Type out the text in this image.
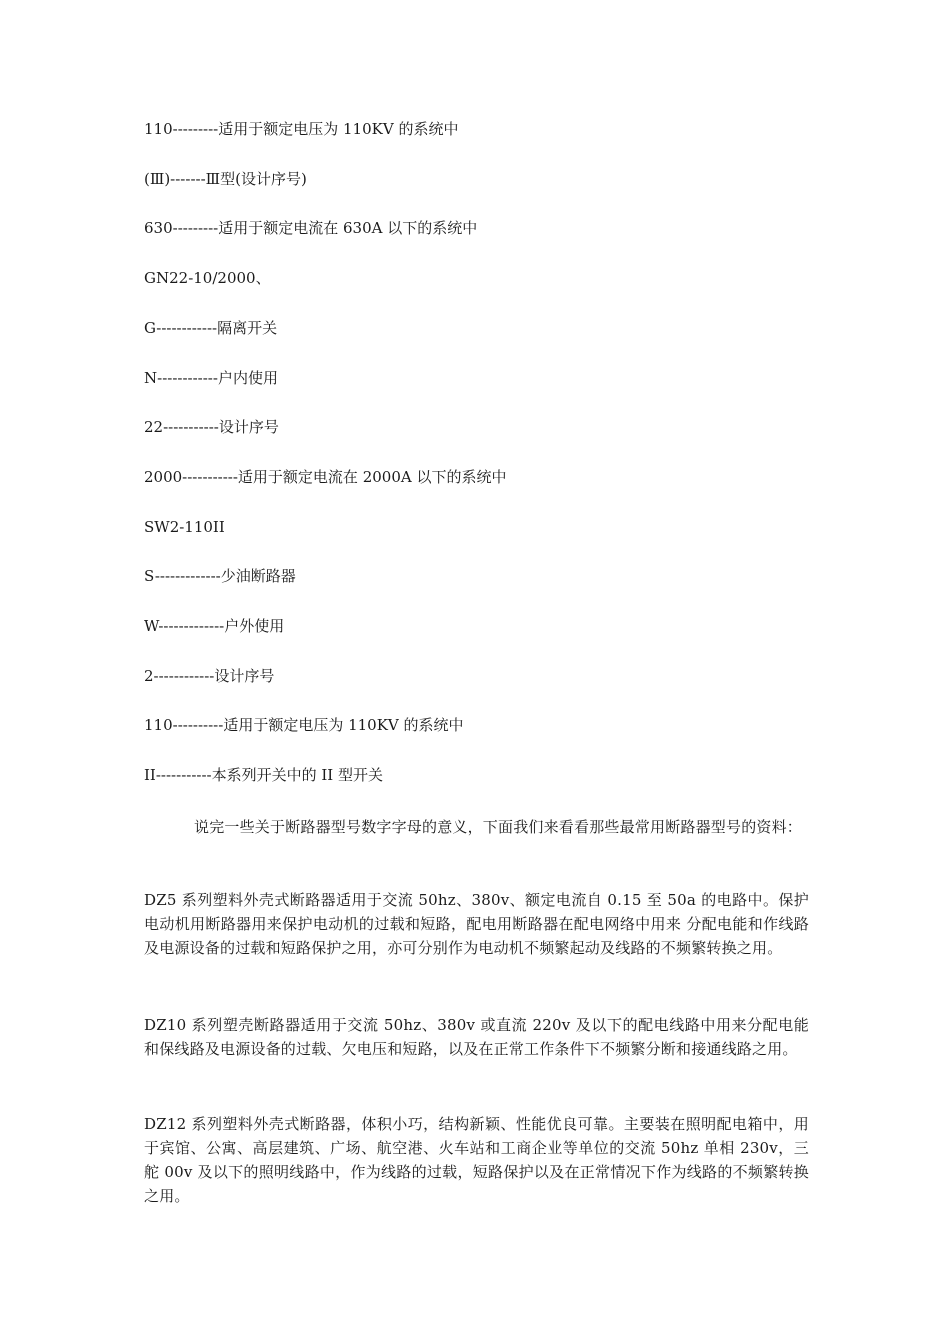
110---------适用于额定电压为 110KV 的系统中
(Ⅲ)-------Ⅲ型(设计序号)
630---------适用于额定电流在 630A 以下的系统中
GN22-10/2000、
G------------隔离开关
N------------户内使用
22-----------设计序号
2000-----------适用于额定电流在 2000A 以下的系统中
SW2-110II
S-------------少油断路器
W-------------户外使用
2------------设计序号
110----------适用于额定电压为 110KV 的系统中
II-----------本系列开关中的 II 型开关
说完一些关于断路器型号数字字母的意义，下面我们来看看那些最常用断路器型号的资料：
DZ5 系列塑料外壳式断路器适用于交流 50hz、380v、额定电流自 0.15 至 50a 的电路中。保护电动机用断路器用来保护电动机的过载和短路，配电用断路器在配电网络中用来 分配电能和作线路及电源设备的过载和短路保护之用，亦可分别作为电动机不频繁起动及线路的不频繁转换之用。
DZ10 系列塑壳断路器适用于交流 50hz、380v 或直流 220v 及以下的配电线路中用来分配电能和保线路及电源设备的过载、欠电压和短路，以及在正常工作条件下不频繁分断和接通线路之用。
DZ12 系列塑料外壳式断路器，体积小巧，结构新颖、性能优良可靠。主要装在照明配电箱中，用于宾馆、公寓、高层建筑、广场、航空港、火车站和工商企业等单位的交流 50hz 单相 230v，三舵 00v 及以下的照明线路中，作为线路的过载，短路保护以及在正常情况下作为线路的不频繁转换之用。
